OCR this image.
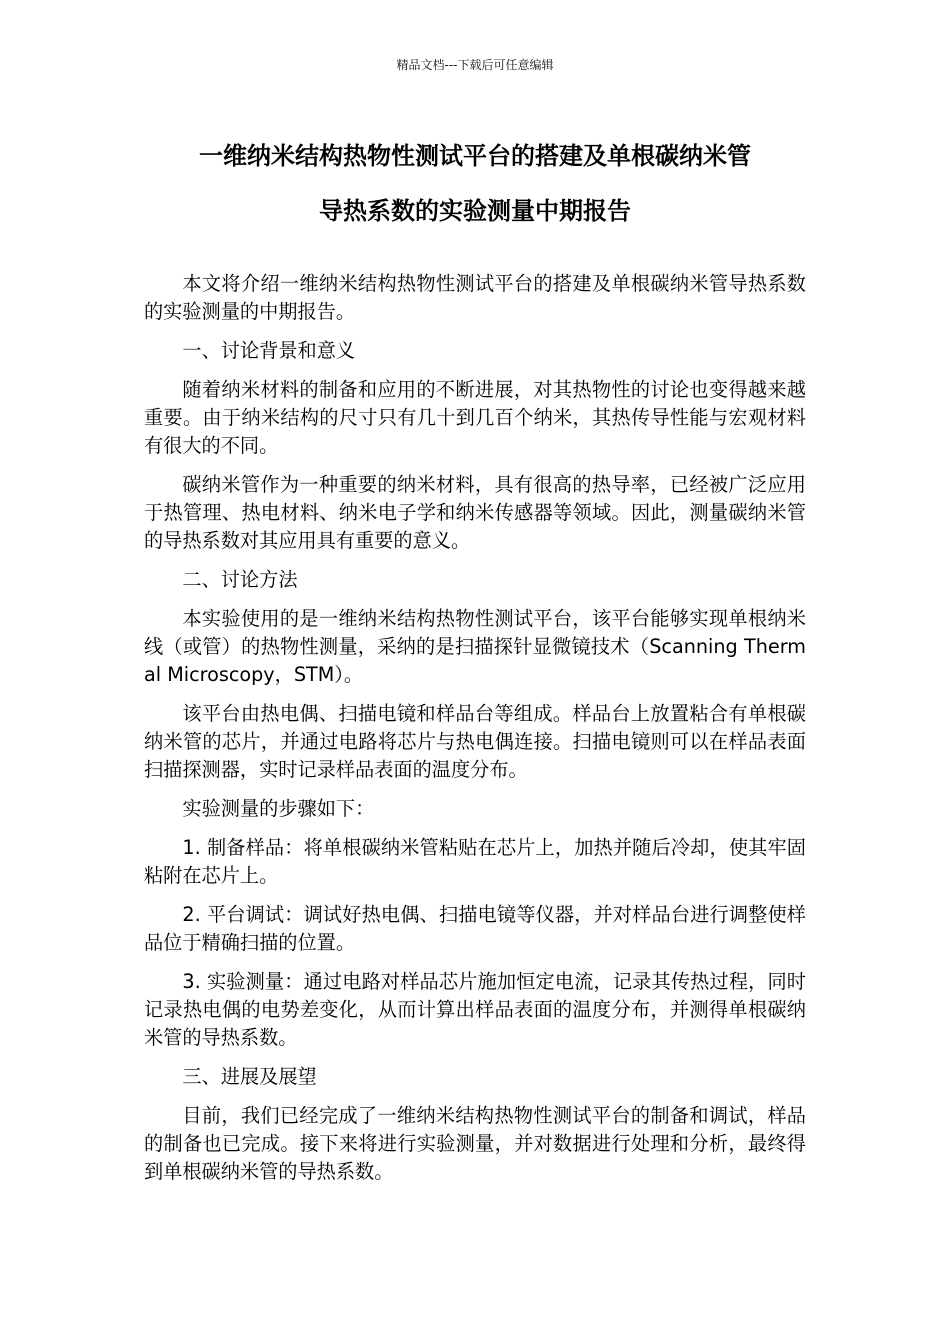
精品文档---下载后可任意编辑
一维纳米结构热物性测试平台的搭建及单根碳纳米管
导热系数的实验测量中期报告

本文将介绍一维纳米结构热物性测试平台的搭建及单根碳纳米管导热系数的实验测量的中期报告。

一、讨论背景和意义

随着纳米材料的制备和应用的不断进展，对其热物性的讨论也变得越来越重要。由于纳米结构的尺寸只有几十到几百个纳米，其热传导性能与宏观材料有很大的不同。

碳纳米管作为一种重要的纳米材料，具有很高的热导率，已经被广泛应用于热管理、热电材料、纳米电子学和纳米传感器等领域。因此，测量碳纳米管的导热系数对其应用具有重要的意义。

二、讨论方法

本实验使用的是一维纳米结构热物性测试平台，该平台能够实现单根纳米线（或管）的热物性测量，采纳的是扫描探针显微镜技术（Scanning Thermal Microscopy，STM）。

该平台由热电偶、扫描电镜和样品台等组成。样品台上放置粘合有单根碳纳米管的芯片，并通过电路将芯片与热电偶连接。扫描电镜则可以在样品表面扫描探测器，实时记录样品表面的温度分布。

实验测量的步骤如下：

1. 制备样品：将单根碳纳米管粘贴在芯片上，加热并随后冷却，使其牢固粘附在芯片上。

2. 平台调试：调试好热电偶、扫描电镜等仪器，并对样品台进行调整使样品位于精确扫描的位置。

3. 实验测量：通过电路对样品芯片施加恒定电流，记录其传热过程，同时记录热电偶的电势差变化，从而计算出样品表面的温度分布，并测得单根碳纳米管的导热系数。

三、进展及展望

目前，我们已经完成了一维纳米结构热物性测试平台的制备和调试，样品的制备也已完成。接下来将进行实验测量，并对数据进行处理和分析，最终得到单根碳纳米管的导热系数。
